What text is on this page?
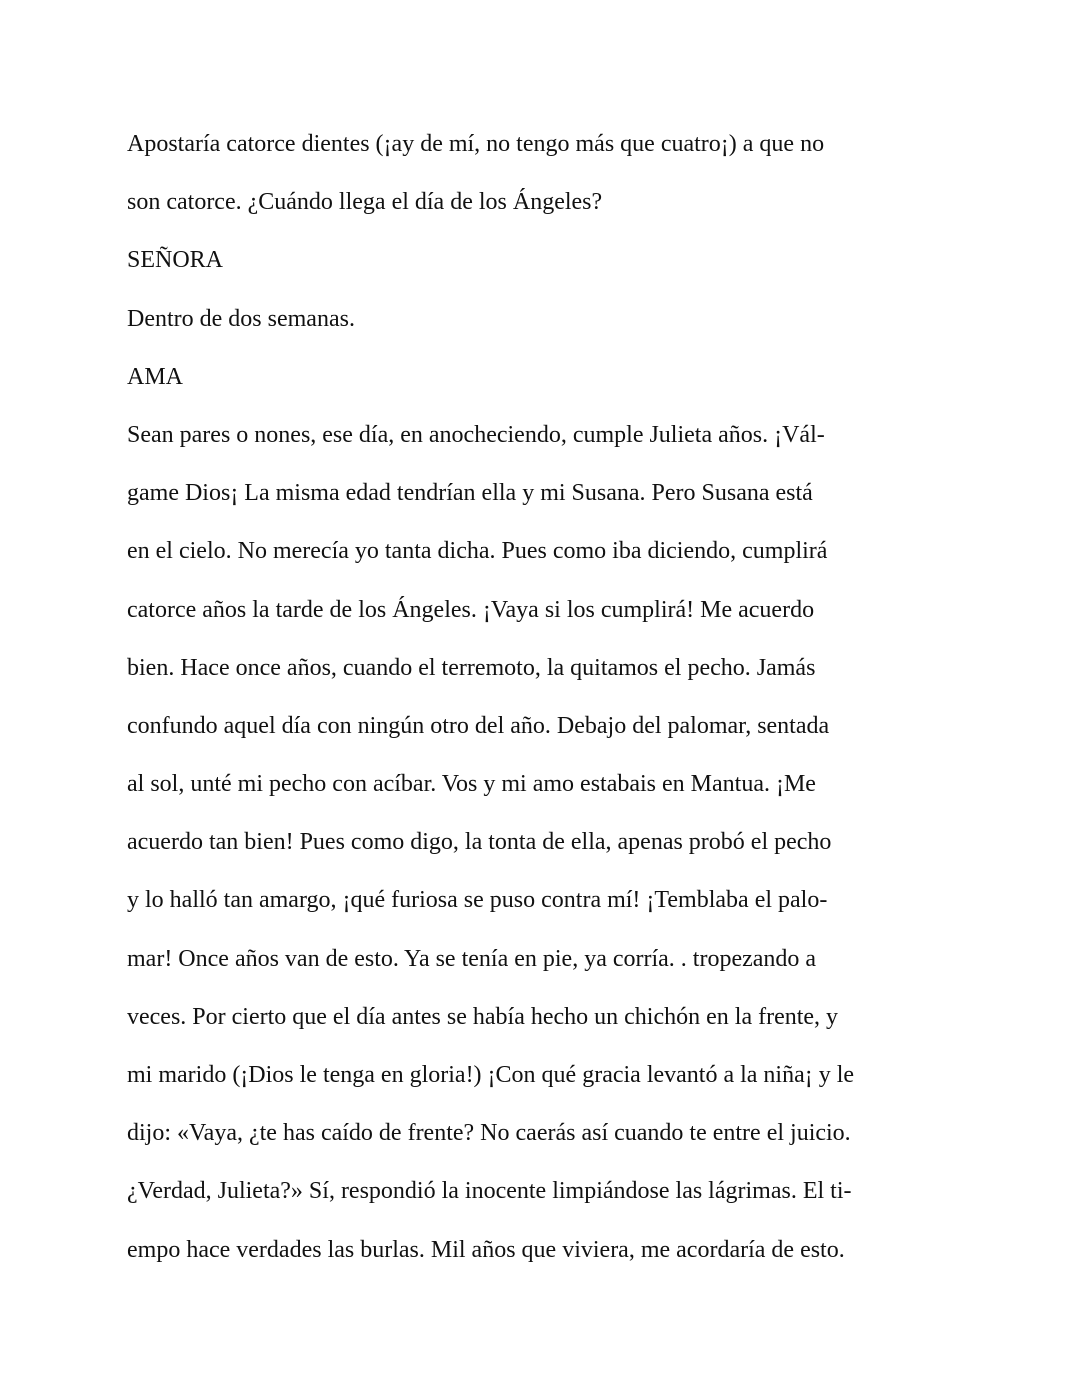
Apostaría catorce dientes (¡ay de mí, no tengo más que cuatro¡) a que no
son catorce. ¿Cuándo llega el día de los Ángeles?
SEÑORA
Dentro de dos semanas.
AMA
Sean pares o nones, ese día, en anocheciendo, cumple Julieta años. ¡Vál-
game Dios¡ La misma edad tendrían ella y mi Susana. Pero Susana está
en el cielo. No merecía yo tanta dicha. Pues como iba diciendo, cumplirá
catorce años la tarde de los Ángeles. ¡Vaya si los cumplirá! Me acuerdo
bien. Hace once años, cuando el terremoto, la quitamos el pecho. Jamás
confundo aquel día con ningún otro del año. Debajo del palomar, sentada
al sol, unté mi pecho con acíbar. Vos y mi amo estabais en Mantua. ¡Me
acuerdo tan bien! Pues como digo, la tonta de ella, apenas probó el pecho
y lo halló tan amargo, ¡qué furiosa se puso contra mí! ¡Temblaba el palo-
mar! Once años van de esto. Ya se tenía en pie, ya corría. . tropezando a
veces. Por cierto que el día antes se había hecho un chichón en la frente, y
mi marido (¡Dios le tenga en gloria!) ¡Con qué gracia levantó a la niña¡ y le
dijo: «Vaya, ¿te has caído de frente? No caerás así cuando te entre el juicio.
¿Verdad, Julieta?» Sí, respondió la inocente limpiándose las lágrimas. El ti-
empo hace verdades las burlas. Mil años que viviera, me acordaría de esto.
